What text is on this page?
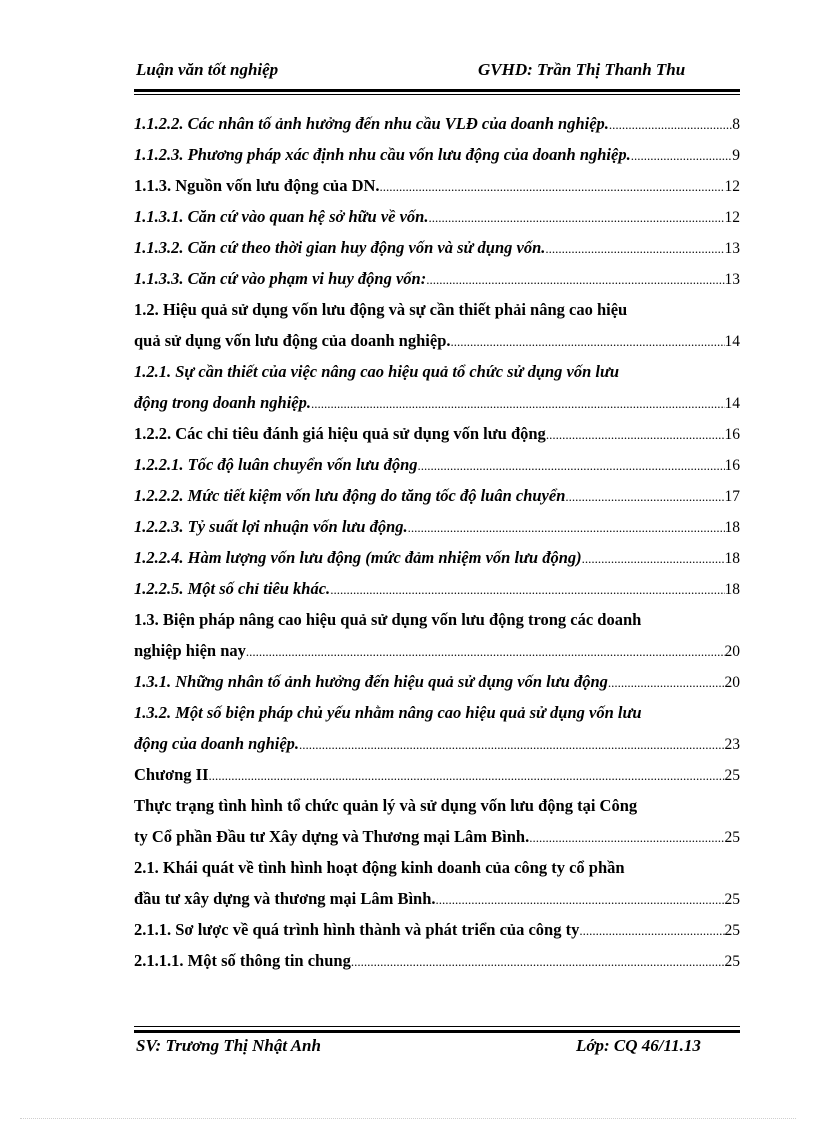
Luận văn tốt nghiệp	GVHD: Trần Thị Thanh Thu
1.1.2.2. Các nhân tố ảnh hưởng đến nhu cầu VLĐ của doanh nghiệp. .....	8
1.1.2.3. Phương pháp xác định nhu cầu vốn lưu động của doanh nghiệp. .....	9
1.1.3. Nguồn vốn lưu động của DN. .....	12
1.1.3.1. Căn cứ vào quan hệ sở hữu về vốn. .....	12
1.1.3.2. Căn cứ theo thời gian huy động vốn và sử dụng vốn. .....	13
1.1.3.3. Căn cứ vào phạm vi huy động vốn: .....	13
1.2. Hiệu quả sử dụng vốn lưu động và sự cần thiết phải nâng cao hiệu
quả sử dụng vốn lưu động của doanh nghiệp. .....	14
1.2.1. Sự cần thiết của việc nâng cao hiệu quả tổ chức sử dụng vốn lưu
động trong doanh nghiệp. .....	14
1.2.2. Các chỉ tiêu đánh giá hiệu quả sử dụng vốn lưu động .....	16
1.2.2.1. Tốc độ luân chuyển vốn lưu động .....	16
1.2.2.2. Mức tiết kiệm vốn lưu động do tăng tốc độ luân chuyển .....	17
1.2.2.3. Tỷ suất lợi nhuận vốn lưu động. .....	18
1.2.2.4. Hàm lượng vốn lưu động (mức đảm nhiệm vốn lưu động) .....	18
1.2.2.5. Một số chỉ tiêu khác. .....	18
1.3. Biện pháp nâng cao hiệu quả sử dụng vốn lưu động trong các doanh
nghiệp hiện nay .....	20
1.3.1. Những nhân tố ảnh hưởng đến hiệu quả sử dụng vốn lưu động .....	20
1.3.2. Một số biện pháp chủ yếu nhằm nâng cao hiệu quả sử dụng vốn lưu
động của doanh nghiệp. .....	23
Chương II .....	25
Thực trạng tình hình tổ chức quản lý và sử dụng vốn lưu động tại Công
ty Cổ phần Đầu tư Xây dựng và Thương mại Lâm Bình. .....	25
2.1. Khái quát về tình hình hoạt động kinh doanh của công ty cổ phần
đầu tư xây dựng và thương mại Lâm Bình. .....	25
2.1.1. Sơ lược về quá trình hình thành và phát triển của công ty .....	25
2.1.1.1. Một số thông tin chung .....	25
SV: Trương Thị Nhật Anh	Lớp: CQ 46/11.13
